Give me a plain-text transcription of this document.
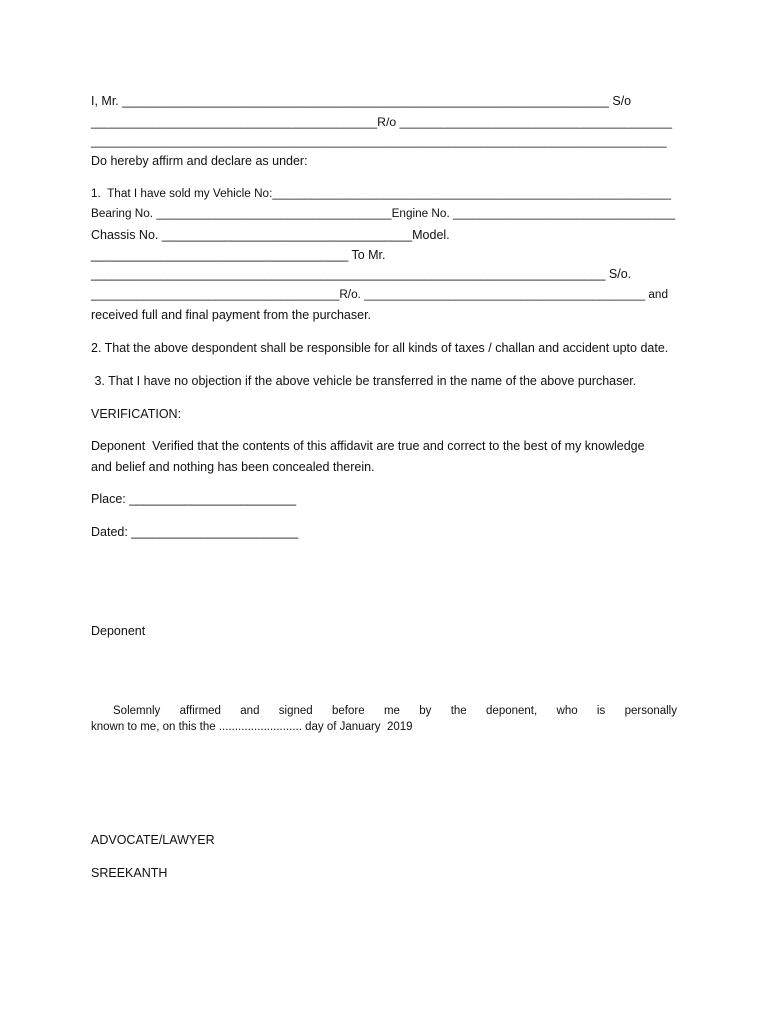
I, Mr. ______________________________________________________________________ S/o
__________________________________________R/o ________________________________________
__________________________________________________________________________________________
Do hereby affirm and declare as under:
1.  That I have sold my Vehicle No:_____________________________________________________________
Bearing No. ____________________________________Engine No. __________________________________
Chassis No. ____________________________________Model.
_____________________________________ To Mr.
__________________________________________________________________________ S/o.
______________________________________R/o. ___________________________________________ and
received full and final payment from the purchaser.
2. That the above despondent shall be responsible for all kinds of taxes / challan and accident upto date.
3. That I have no objection if the above vehicle be transferred in the name of the above purchaser.
VERIFICATION:
Deponent  Verified that the contents of this affidavit are true and correct to the best of my knowledge
and belief and nothing has been concealed therein.
Place: ________________________
Dated: ________________________
Deponent
Solemnly affirmed and signed before me by the deponent, who is personally
known to me, on this the .......................... day of January  2019
ADVOCATE/LAWYER
SREEKANTH
